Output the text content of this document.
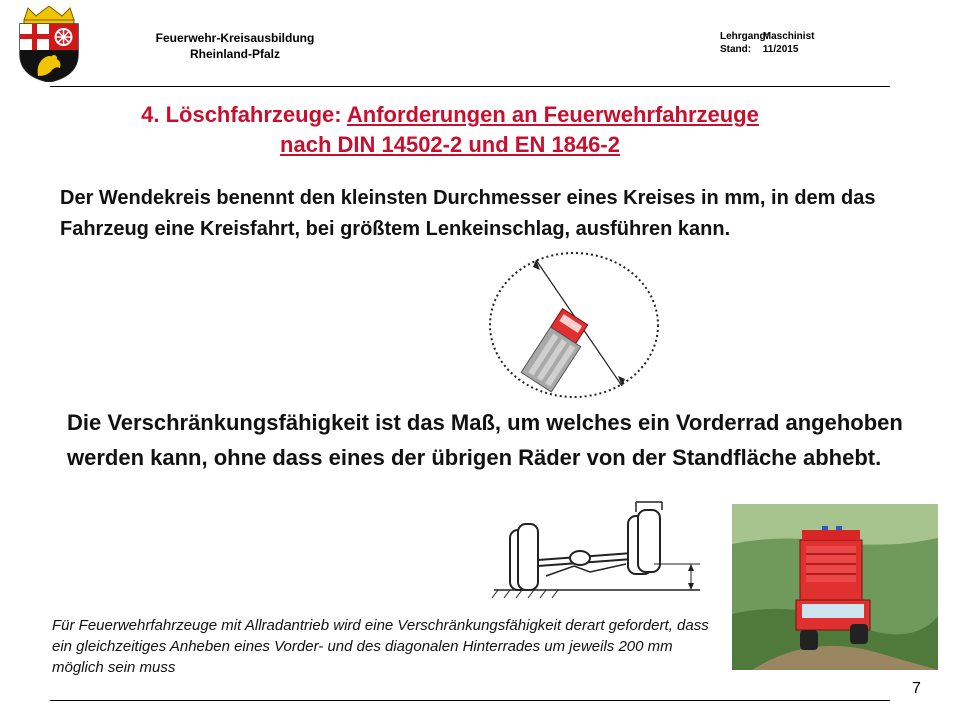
Feuerwehr-Kreisausbildung
Rheinland-Pfalz
Lehrgang: Maschinist
Stand: 11/2015
4. Löschfahrzeuge: Anforderungen an Feuerwehrfahrzeuge
nach DIN 14502-2 und EN 1846-2
Der Wendekreis benennt den kleinsten Durchmesser eines Kreises in mm, in dem das Fahrzeug eine Kreisfahrt, bei größtem Lenkeinschlag, ausführen kann.
Die Verschränkungsfähigkeit ist das Maß, um welches ein Vorderrad angehoben werden kann, ohne dass eines der übrigen Räder von der Standfläche abhebt.
Für Feuerwehrfahrzeuge mit Allradantrieb wird eine Verschränkungsfähigkeit derart gefordert, dass ein gleichzeitiges Anheben eines Vorder- und des diagonalen Hinterrades um jeweils 200 mm möglich sein muss
7
